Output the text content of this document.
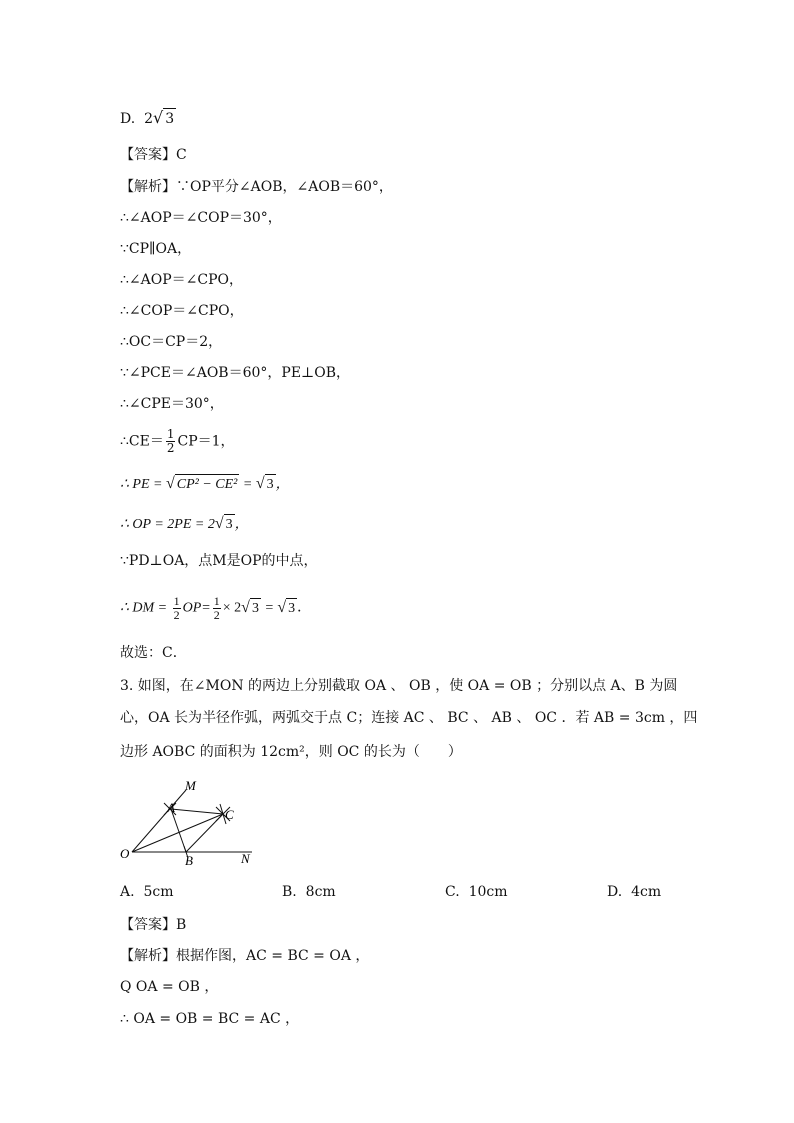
D. 2√ 3
【答案】C
【解析】∵OP平分∠AOB，∠AOB＝60°，
∴∠AOP＝∠COP＝30°，
∵CP∥OA，
∴∠AOP＝∠CPO，
∴∠COP＝∠CPO，
∴OC＝CP＝2，
∵∠PCE＝∠AOB＝60°，PE⊥OB，
∴∠CPE＝30°，
∴CE＝ $\frac{1}{2} CP=1$，
∴ PE = √ CP² − CE² = √ 3 ，
∴ OP = 2PE = 2√ 3 ，
∵PD⊥OA，点M是OP的中点，
∴ DM = $\frac{1}{2} OP= \frac{1}{2} \times 2√$ 3 = √ 3 ．
故选：C．
3. 如图，在∠MON 的两边上分别截取 OA 、 OB ，使 OA = OB ；分别以点 A、B 为圆
心，OA 长为半径作弧，两弧交于点 C；连接 AC 、 BC 、 AB 、 OC ．若 AB = 3cm ，四
边形 AOBC 的面积为 12cm²，则 OC 的长为（　　）
M
A	C
O	B	N
A. 5cm	B. 8cm	C. 10cm	D. 4cm
【答案】B
【解析】根据作图，AC = BC = OA ，
Q OA = OB ，
∴ OA = OB = BC = AC ，
